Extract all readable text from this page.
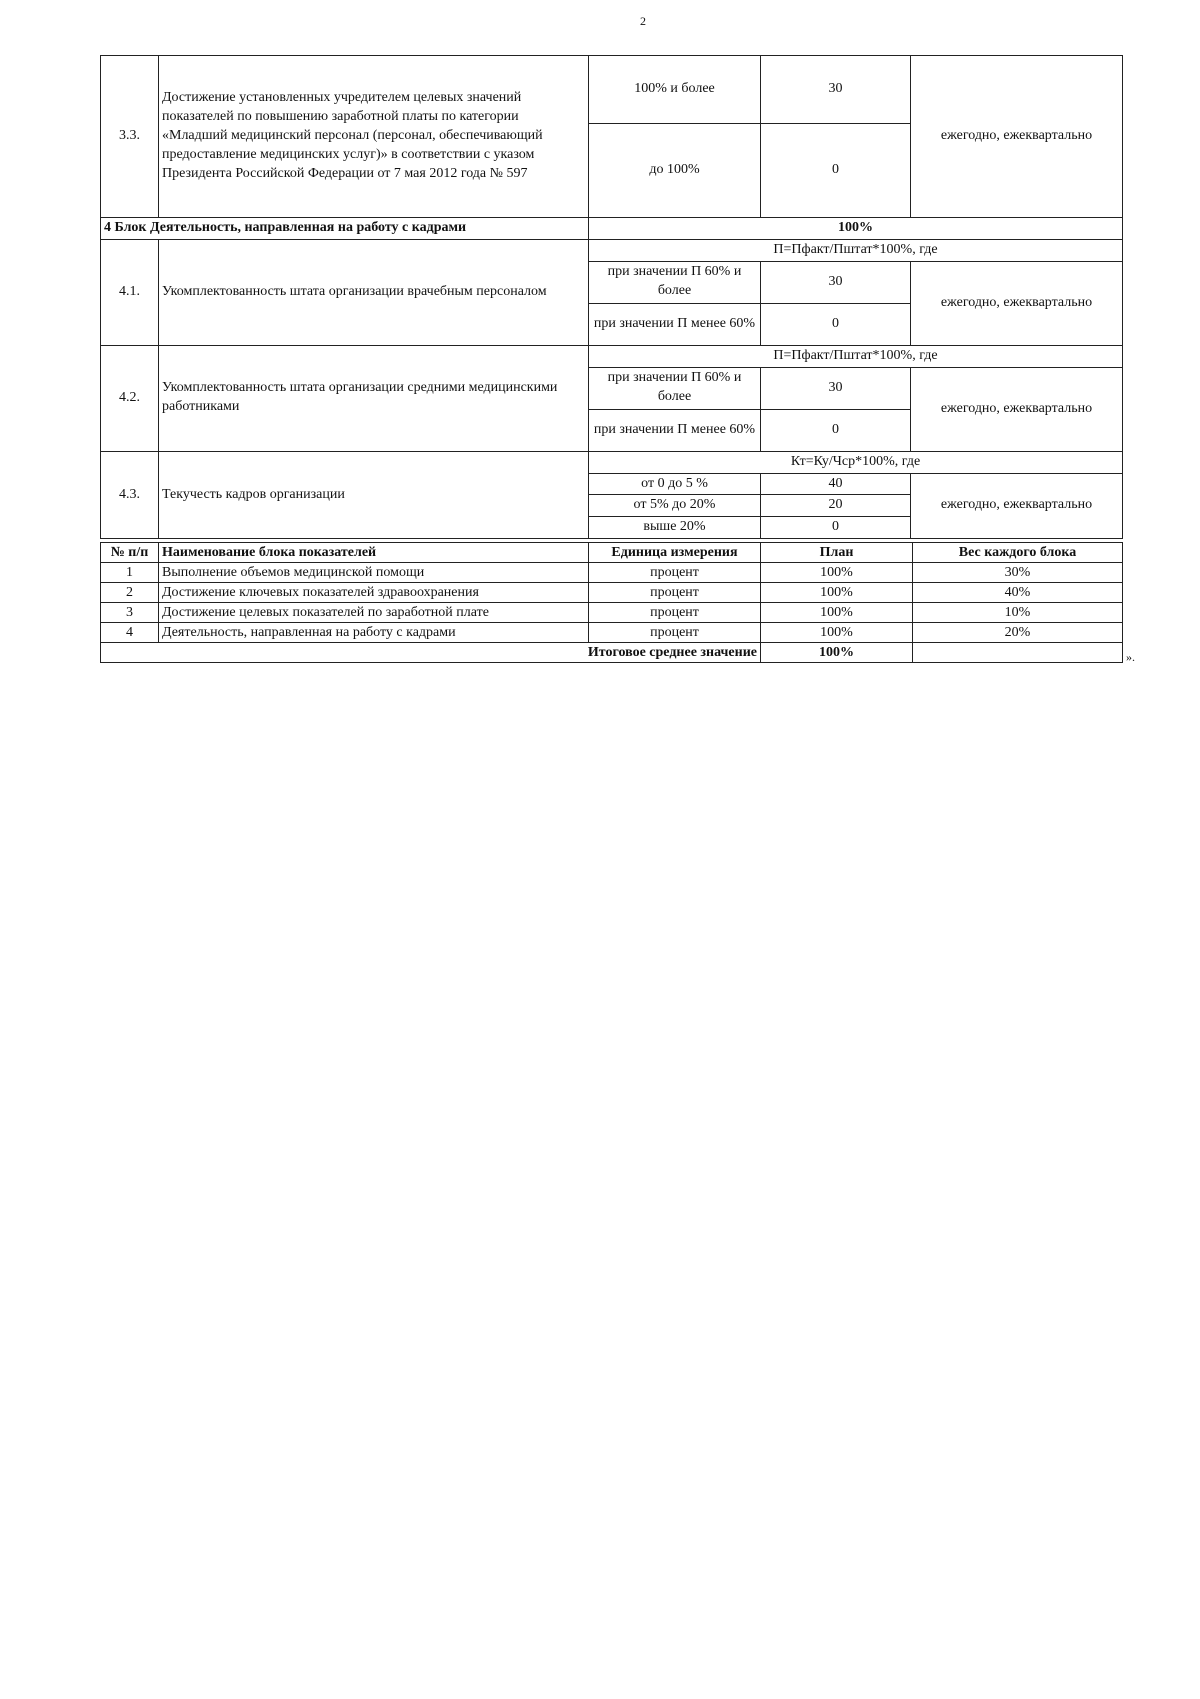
2
3.3.	Достижение установленных учредителем целевых значений показателей по повышению заработной платы по категории «Младший медицинский персонал (персонал, обеспечивающий предоставление медицинских услуг)» в соответствии с указом Президента Российской Федерации от 7 мая 2012 года № 597	100% и более	30	ежегодно, ежеквартально
		до 100%	0	
4 Блок Деятельность, направленная на работу с кадрами		100%		
4.1.	Укомплектованность штата организации врачебным персоналом	П=Пфакт/Пштат*100%, где		
		при значении П 60% и более	30	ежегодно, ежеквартально
		при значении П менее 60%	0	
4.2.	Укомплектованность штата организации средними медицинскими работниками	П=Пфакт/Пштат*100%, где		
		при значении П 60% и более	30	ежегодно, ежеквартально
		при значении П менее 60%	0	
4.3.	Текучесть кадров организации	Кт=Ку/Чср*100%, где		
		от 0 до 5 %	40	ежегодно, ежеквартально
		от 5% до 20%	20	
		выше 20%	0	
№ п/п	Наименование блока показателей	Единица измерения	План	Вес каждого блока
1	Выполнение объемов медицинской помощи	процент	100%	30%
2	Достижение ключевых показателей здравоохранения	процент	100%	40%
3	Достижение целевых показателей по заработной плате	процент	100%	10%
4	Деятельность, направленная на работу с кадрами	процент	100%	20%
Итоговое среднее значение			100%		».
